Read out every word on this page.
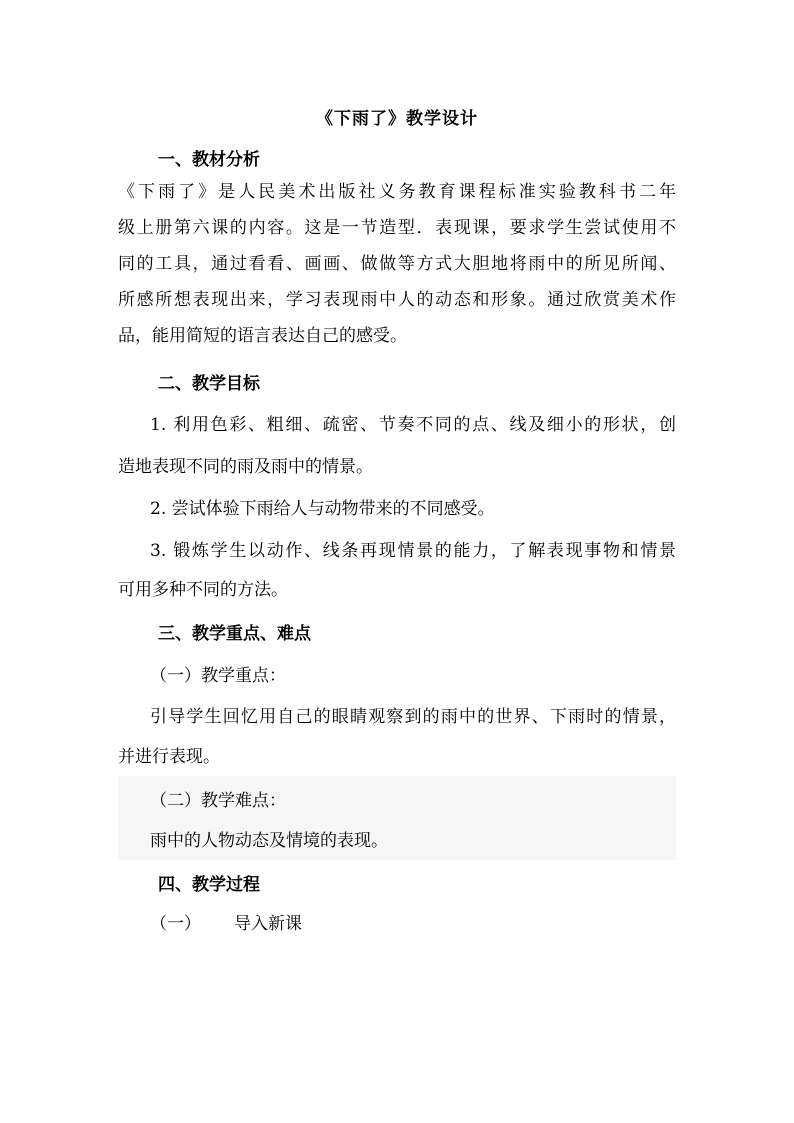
《下雨了》教学设计
一、教材分析
《下雨了》是人民美术出版社义务教育课程标准实验教科书二年
级上册第六课的内容。这是一节造型．表现课，要求学生尝试使用不
同的工具，通过看看、画画、做做等方式大胆地将雨中的所见所闻、
所感所想表现出来，学习表现雨中人的动态和形象。通过欣赏美术作
品，能用简短的语言表达自己的感受。
二、教学目标
1. 利用色彩、粗细、疏密、节奏不同的点、线及细小的形状，创
造地表现不同的雨及雨中的情景。
2. 尝试体验下雨给人与动物带来的不同感受。
3. 锻炼学生以动作、线条再现情景的能力，了解表现事物和情景
可用多种不同的方法。
三、教学重点、难点
（一）教学重点：
引导学生回忆用自己的眼睛观察到的雨中的世界、下雨时的情景，
并进行表现。
（二）教学难点：
雨中的人物动态及情境的表现。
四、教学过程
（一） 导入新课
